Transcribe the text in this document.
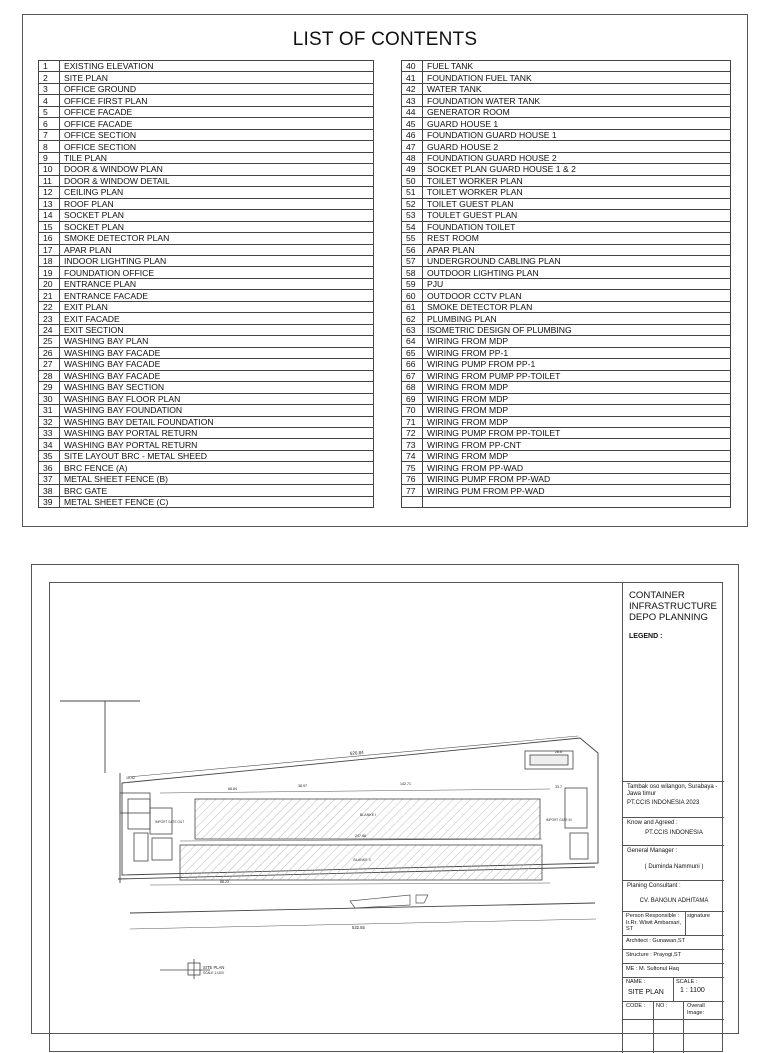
LIST OF CONTENTS
1	EXISTING ELEVATION
2	SITE PLAN
3	OFFICE GROUND
4	OFFICE FIRST PLAN
5	OFFICE FACADE
6	OFFICE FACADE
7	OFFICE SECTION
8	OFFICE SECTION
9	TILE PLAN
10	DOOR & WINDOW PLAN
11	DOOR & WINDOW DETAIL
12	CEILING PLAN
13	ROOF PLAN
14	SOCKET PLAN
15	SOCKET PLAN
16	SMOKE DETECTOR PLAN
17	APAR PLAN
18	INDOOR LIGHTING PLAN
19	FOUNDATION OFFICE
20	ENTRANCE PLAN
21	ENTRANCE FACADE
22	EXIT PLAN
23	EXIT FACADE
24	EXIT SECTION
25	WASHING BAY PLAN
26	WASHING BAY FACADE
27	WASHING BAY FACADE
28	WASHING BAY FACADE
29	WASHING BAY SECTION
30	WASHING BAY FLOOR PLAN
31	WASHING BAY FOUNDATION
32	WASHING BAY DETAIL FOUNDATION
33	WASHING BAY PORTAL RETURN
34	WASHING BAY PORTAL RETURN
35	SITE LAYOUT BRC - METAL SHEED
36	BRC FENCE (A)
37	METAL SHEET FENCE (B)
38	BRC GATE
39	METAL SHEET FENCE (C)
40	FUEL TANK
41	FOUNDATION FUEL TANK
42	WATER TANK
43	FOUNDATION WATER TANK
44	GENERATOR ROOM
45	GUARD HOUSE 1
46	FOUNDATION GUARD HOUSE 1
47	GUARD HOUSE 2
48	FOUNDATION GUARD HOUSE 2
49	SOCKET PLAN GUARD HOUSE 1 & 2
50	TOILET WORKER PLAN
51	TOILET WORKER PLAN
52	TOILET GUEST PLAN
53	TOULET GUEST PLAN
54	FOUNDATION TOILET
55	REST ROOM
56	APAR PLAN
57	UNDERGROUND CABLING PLAN
58	OUTDOOR LIGHTING PLAN
59	PJU
60	OUTDOOR CCTV PLAN
61	SMOKE DETECTOR PLAN
62	PLUMBING PLAN
63	ISOMETRIC DESIGN OF PLUMBING
64	WIRING FROM MDP
65	WIRING FROM PP-1
66	WIRING PUMP FROM PP-1
67	WIRING FROM PUMP PP-TOILET
68	WIRING FROM MDP
69	WIRING FROM MDP
70	WIRING FROM MDP
71	WIRING FROM MDP
72	WIRING PUMP FROM PP-TOILET
73	WIRING FROM PP-CNT
74	WIRING FROM MDP
75	WIRING FROM PP-WAD
76	WIRING PUMP FROM PP-WAD
77	WIRING PUM FROM PP-WAD

520.84
BLANKE I
BLANKE II
68.84
38.97	142.71
247.88
88.23
10.92
28.8
33.7
532.55
IMPORT GATE OUT	IMPORT GATE IN
SITE PLAN
SCALE 1:1100
CONTAINER INFRASTRUCTURE DEPO PLANNING
LEGEND :
Tambak oso wilangon, Surabaya - Jawa timur
PT.CCIS INDONESIA 2023
Know and Agreed :
PT.CCIS INDONESIA
General Manager :
( Duminda Nammuni )
Planing Consultant :
CV. BANGUN ADHITAMA
Person Responsible : Ir.Rr. Wiwit Ambarsari, ST
signature
Architect : Gunawan,ST
Structure : Prayogi,ST
ME : M. Sultonul Haq
NAME :	SCALE :
SITE PLAN 1 : 1100
CODE : NO :	Overall Image:
